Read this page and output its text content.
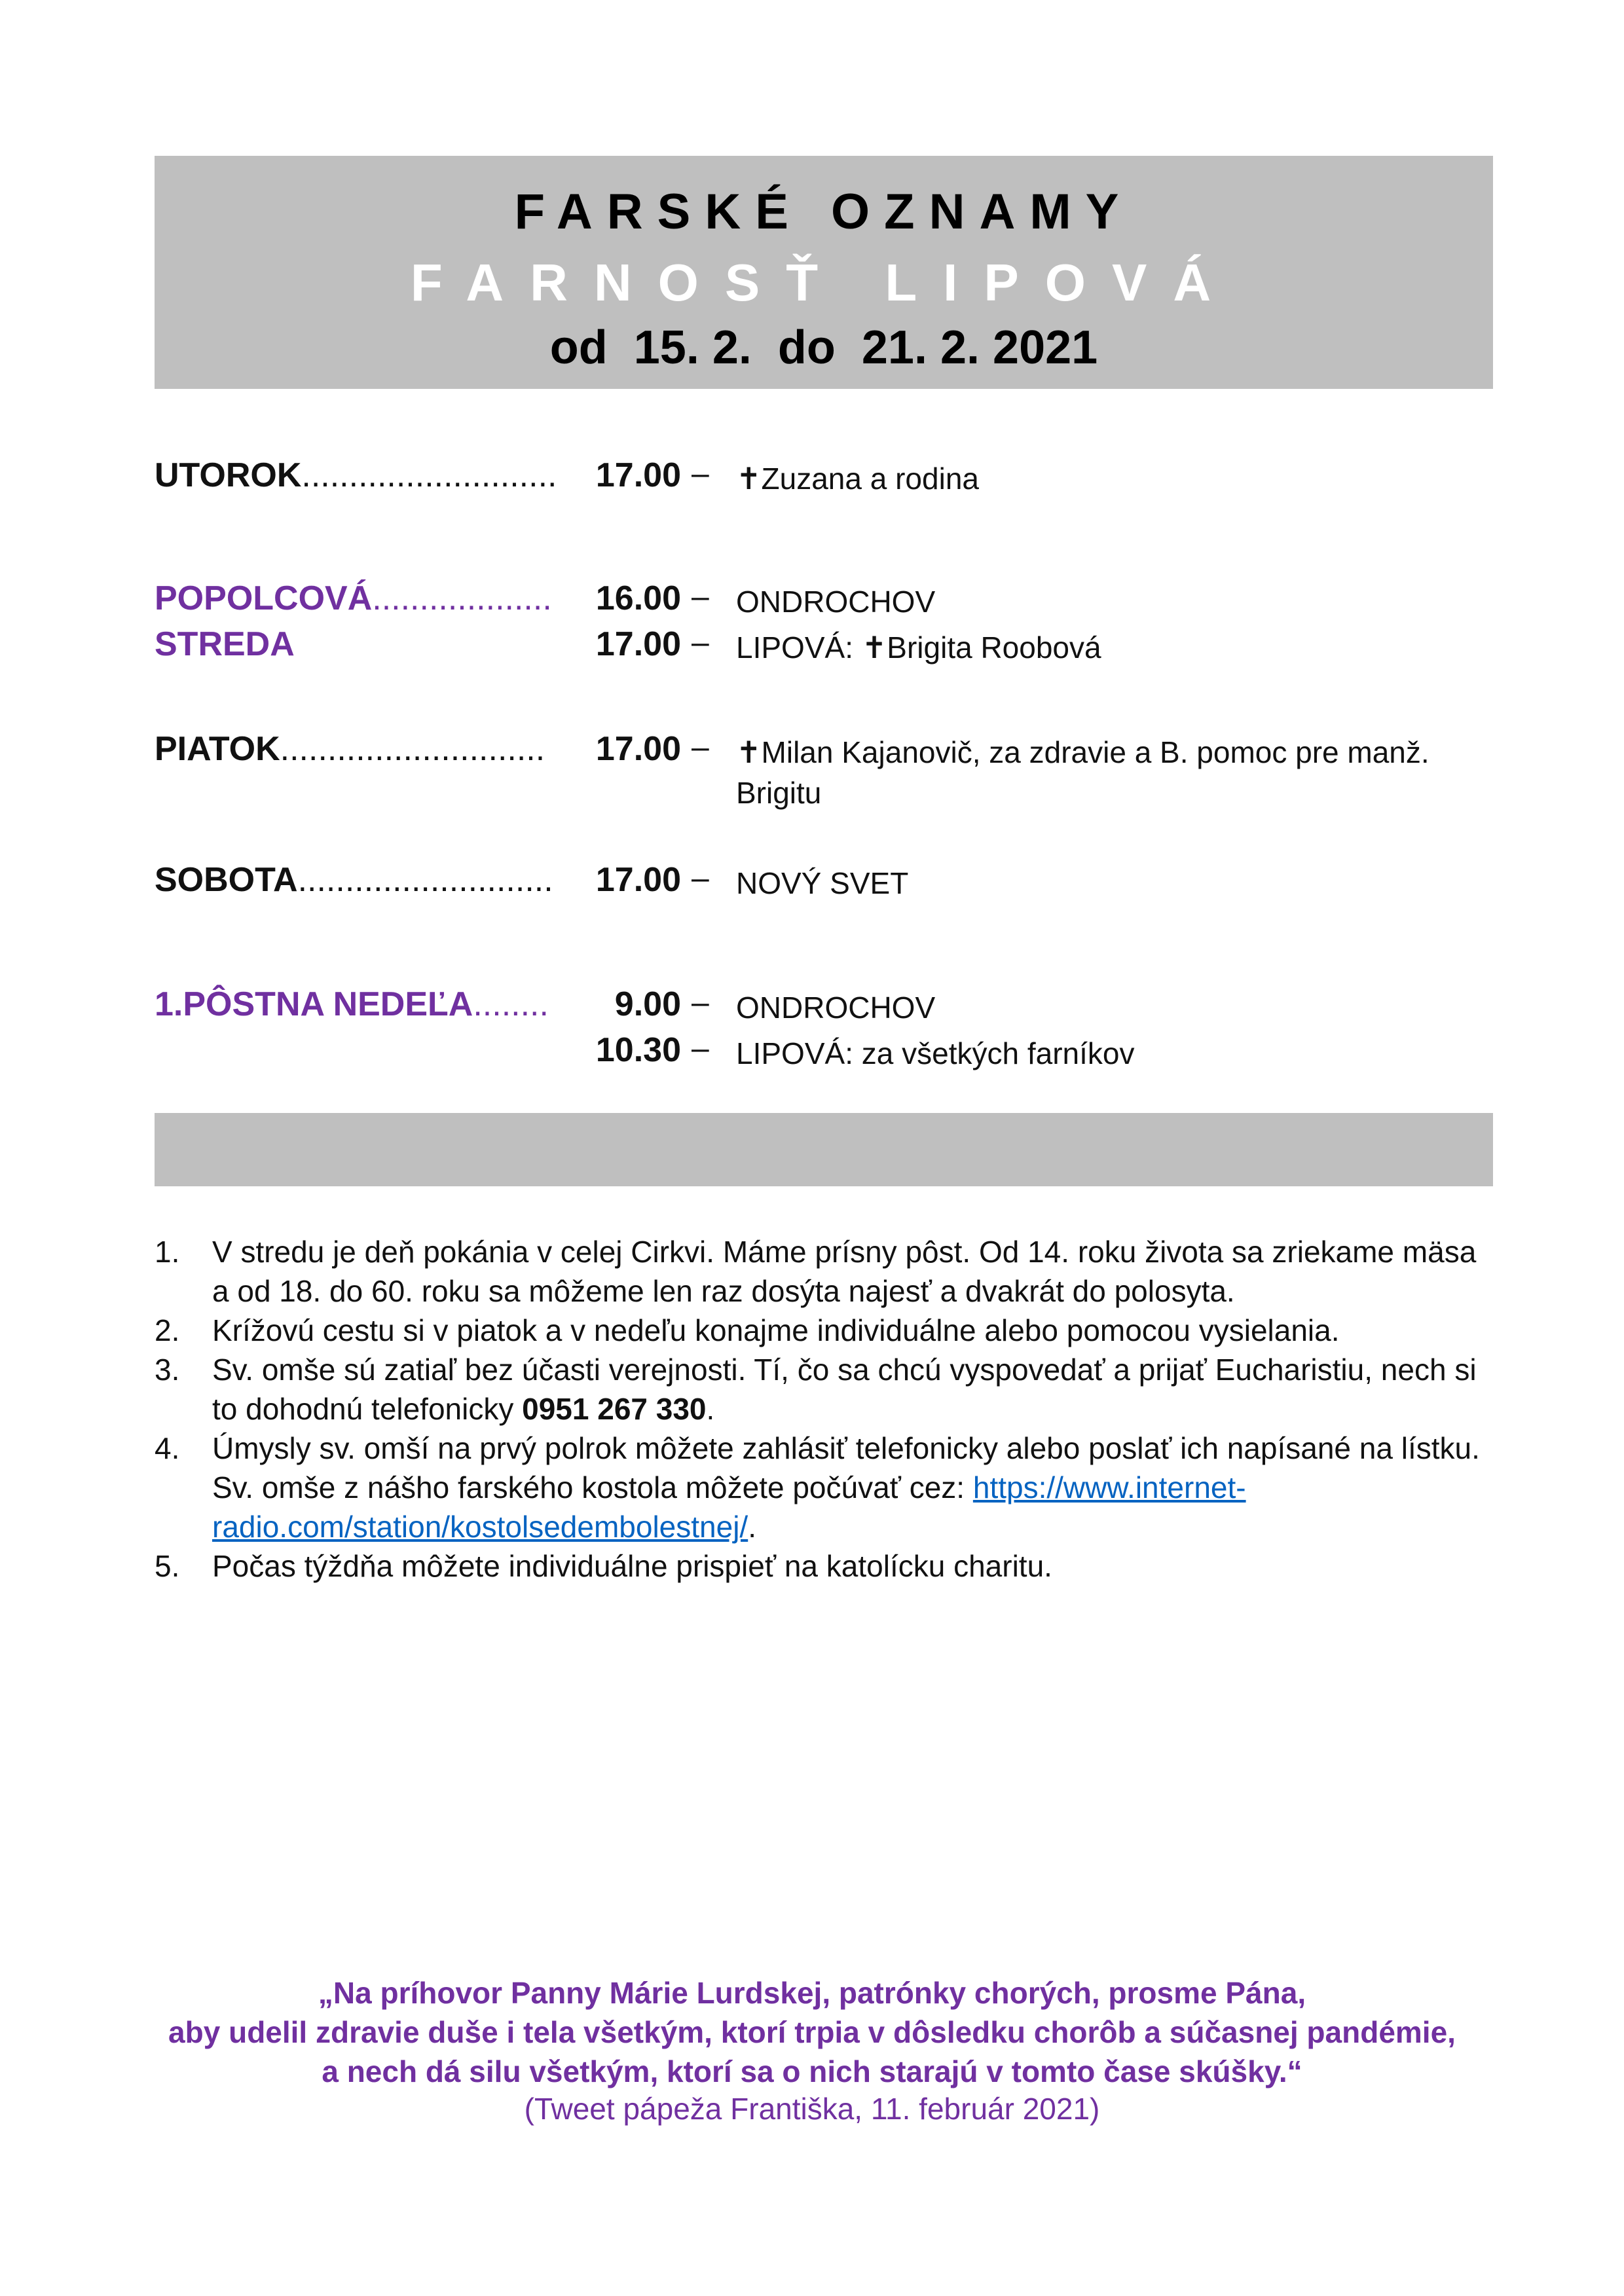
FARSKÉ OZNAMY
FARNOSŤ LIPOVÁ
od  15. 2.  do  21. 2. 2021
UTOROK........................... 17.00 – ✝Zuzana a rodina
POPOLCOVÁ................... 16.00 – ONDROCHOV
STREDA	17.00 – LIPOVÁ: ✝Brigita Roobová
PIATOK............................ 17.00 – ✝Milan Kajanovič, za zdravie a B. pomoc pre manž.
Brigitu
SOBOTA........................... 17.00 – NOVÝ SVET
1.PÔSTNA NEDEĽA........ 9.00 – ONDROCHOV
10.30 – LIPOVÁ: za všetkých farníkov
1. V stredu je deň pokánia v celej Cirkvi. Máme prísny pôst. Od 14. roku života sa zriekame mäsa a od 18. do 60. roku sa môžeme len raz dosýta najesť a dvakrát do polosyta.
2. Krížovú cestu si v piatok a v nedeľu konajme individuálne alebo pomocou vysielania.
3. Sv. omše sú zatiaľ bez účasti verejnosti. Tí, čo sa chcú vyspovedať a prijať Eucharistiu, nech si to dohodnú telefonicky 0951 267 330.
4. Úmysly sv. omší na prvý polrok môžete zahlásiť telefonicky alebo poslať ich napísané na lístku. Sv. omše z nášho farského kostola môžete počúvať cez: https://www.internet-radio.com/station/kostolsedembolestnej/.
5. Počas týždňa môžete individuálne prispieť na katolícku charitu.
„Na príhovor Panny Márie Lurdskej, patrónky chorých, prosme Pána,
aby udelil zdravie duše i tela všetkým, ktorí trpia v dôsledku chorôb a súčasnej pandémie,
a nech dá silu všetkým, ktorí sa o nich starajú v tomto čase skúšky.“
(Tweet pápeža Františka, 11. február 2021)
